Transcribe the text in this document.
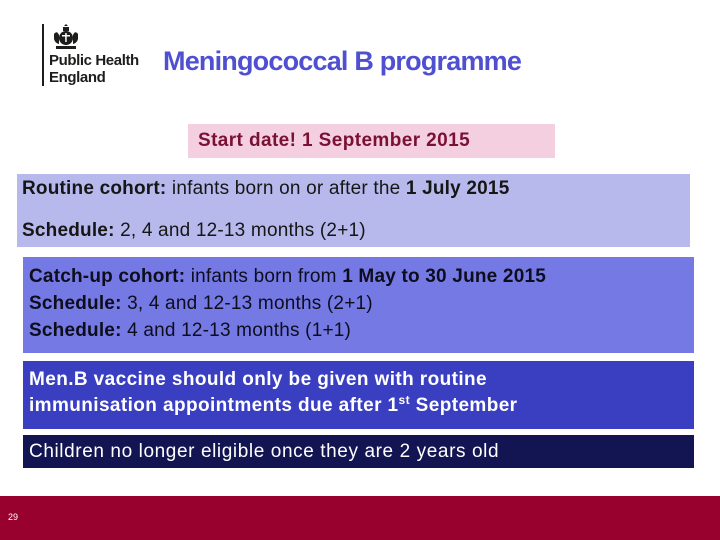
Public Health
England
Meningococcal B programme
Start date! 1 September 2015
Routine cohort: infants born on or after the 1 July 2015
Schedule: 2, 4 and 12-13 months (2+1)
Catch-up cohort: infants born from 1 May to 30 June 2015
Schedule: 3, 4 and 12-13 months (2+1)
Schedule: 4 and 12-13 months (1+1)
Men.B vaccine should only be given with routine
immunisation appointments due after 1st September
Children no longer eligible once they are 2 years old
29
